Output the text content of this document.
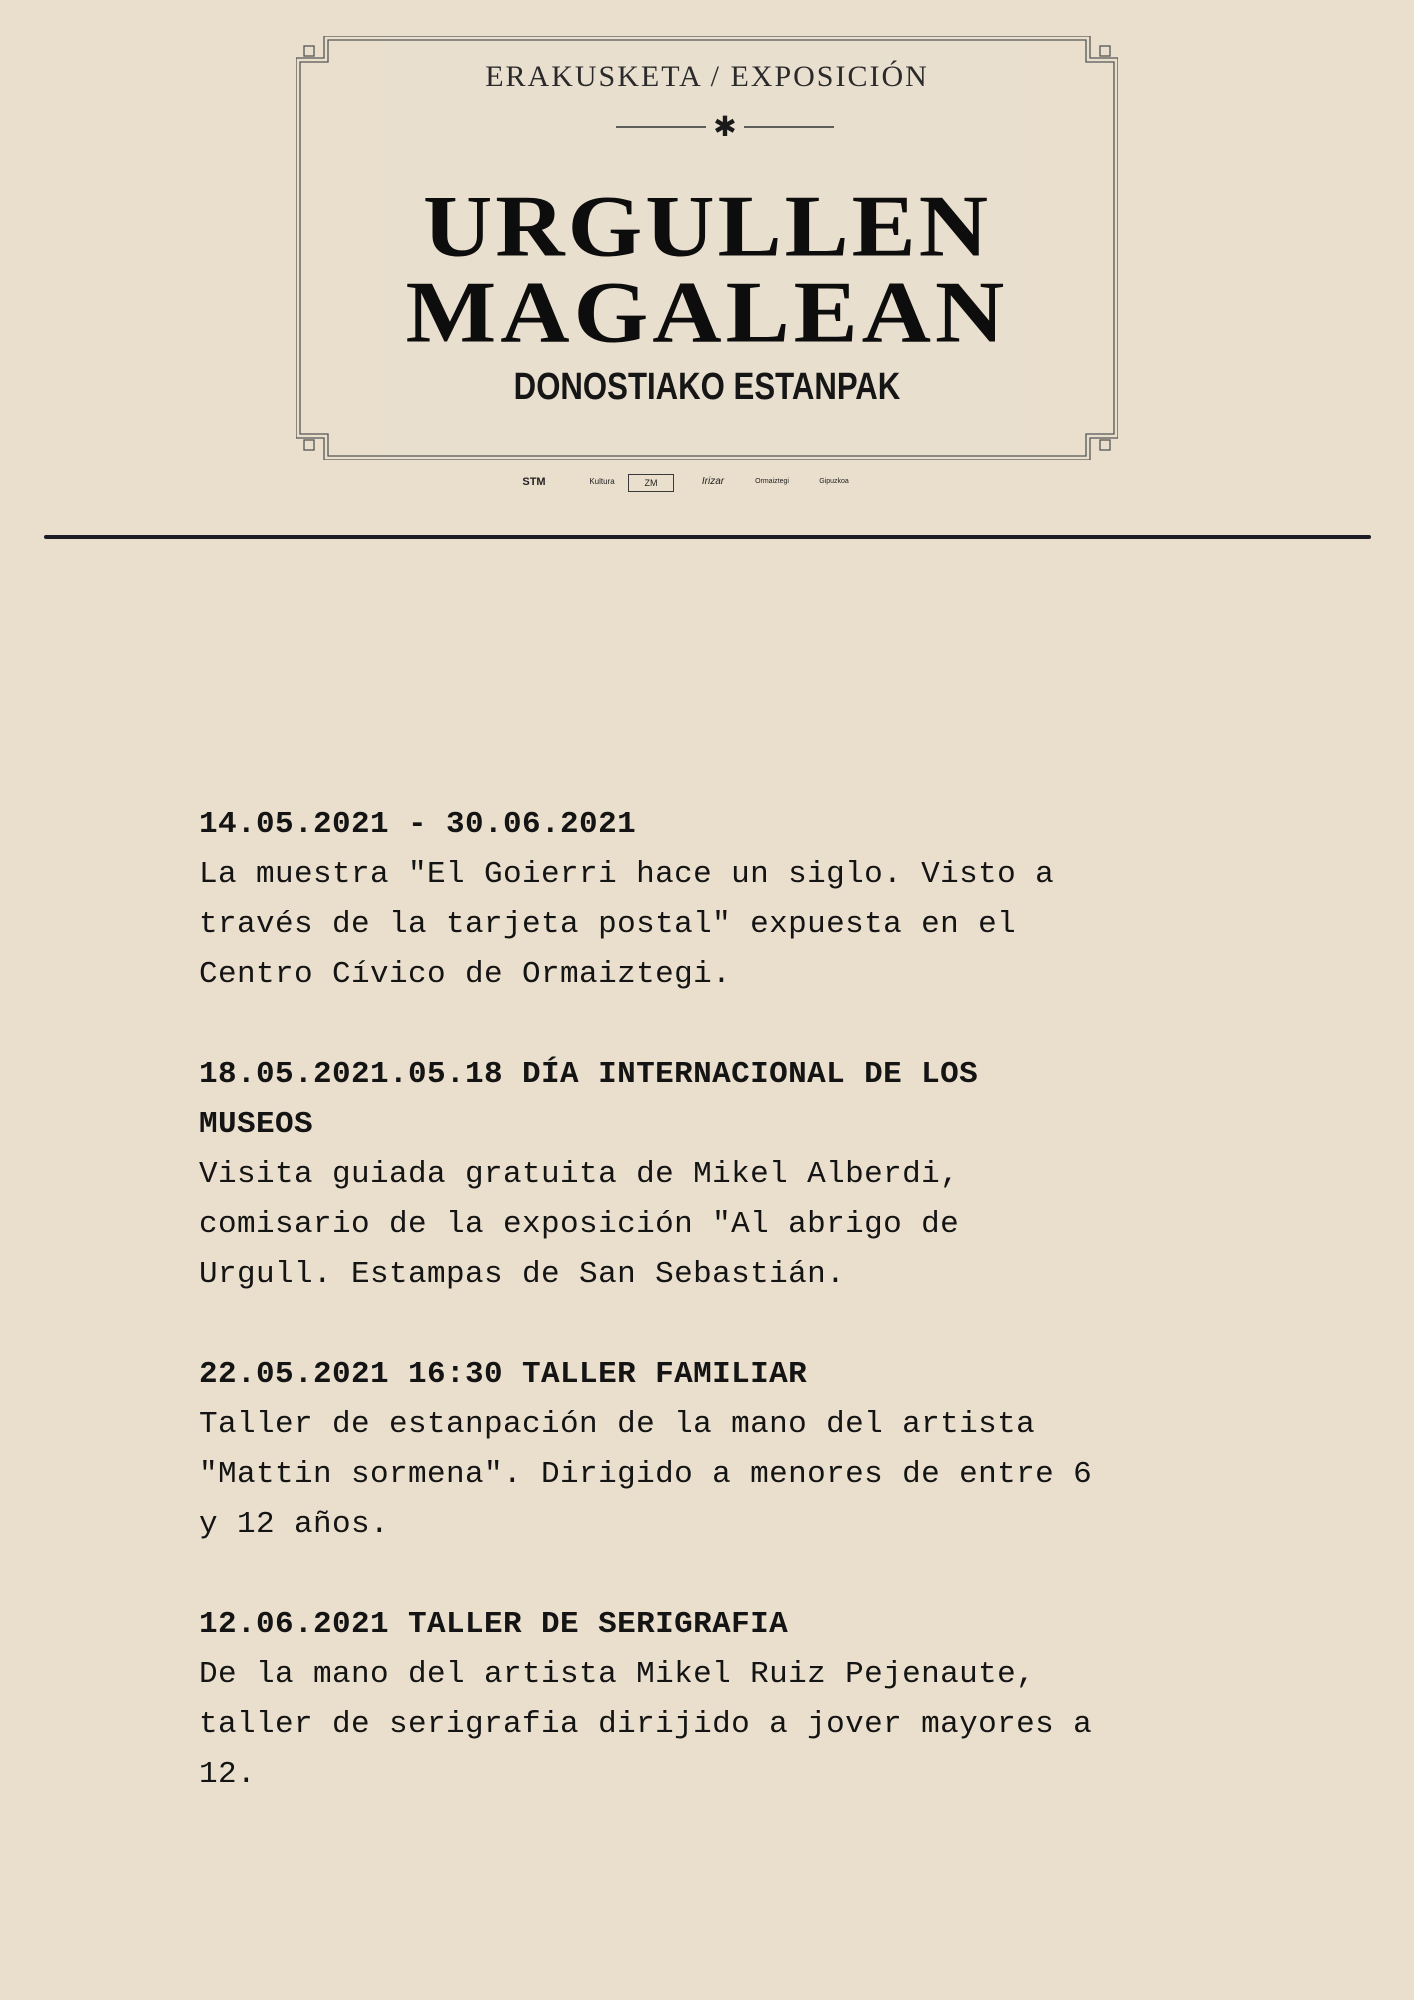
ERAKUSKETA / EXPOSICIÓN
✱
URGULLEN
MAGALEAN
DONOSTIAKO ESTANPAK
STM	Kultura	ZM	Irizar	Ormaiztegi	Gipuzkoa

14.05.2021 - 30.06.2021

La muestra "El Goierri hace un siglo. Visto a

través de la tarjeta postal" expuesta en el

Centro Cívico de Ormaiztegi.

18.05.2021.05.18 DÍA INTERNACIONAL DE LOS

MUSEOS

Visita guiada gratuita de Mikel Alberdi,

comisario de la exposición "Al abrigo de

Urgull. Estampas de San Sebastián.

22.05.2021 16:30 TALLER FAMILIAR

Taller de estanpación de la mano del artista

"Mattin sormena". Dirigido a menores de entre 6

y 12 años.

12.06.2021 TALLER DE SERIGRAFIA

De la mano del artista Mikel Ruiz Pejenaute,

taller de serigrafia dirijido a jover mayores a

12.
